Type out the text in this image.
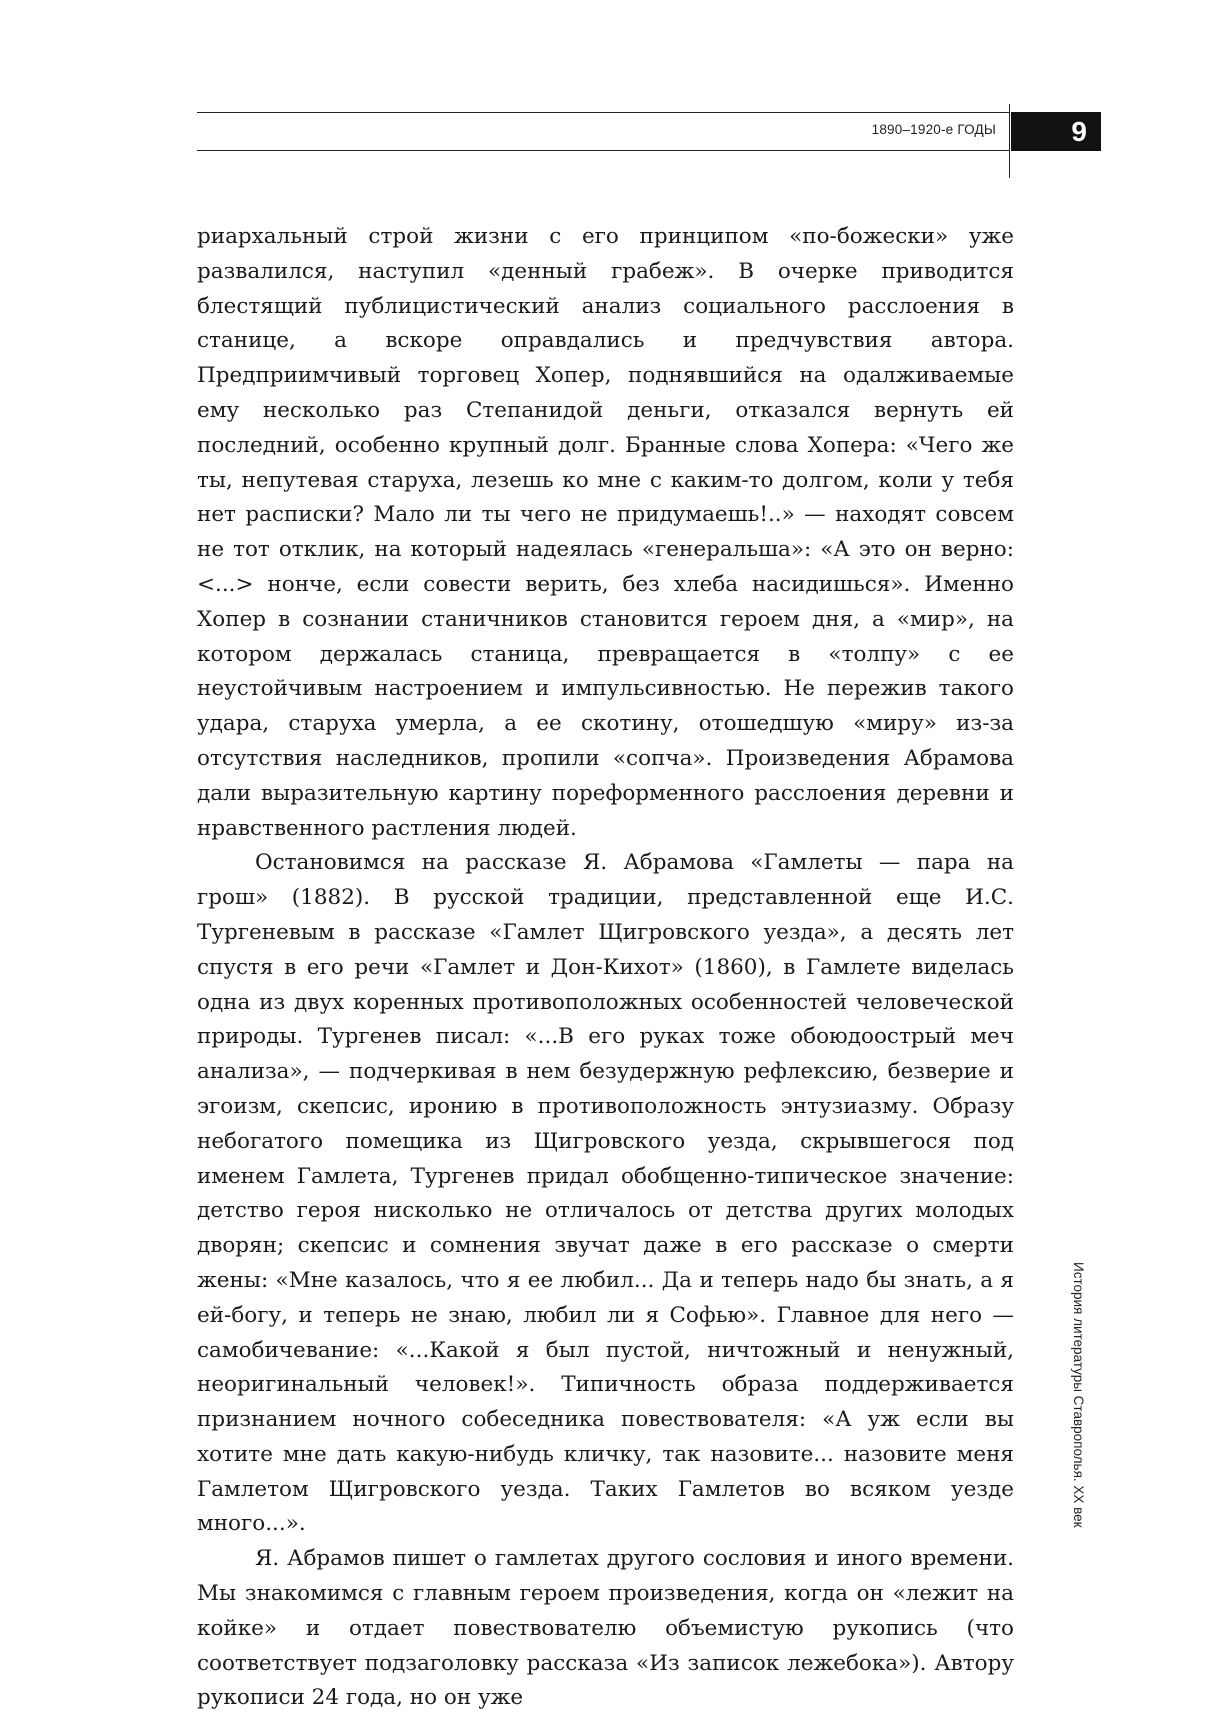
1890–1920-е ГОДЫ	9

риархальный строй жизни с его принципом «по-божески» уже развалился, наступил «денный грабеж». В очерке приводится блестящий публицистический анализ социального расслоения в станице, а вскоре оправдались и предчувствия автора. Предприимчивый торговец Хопер, поднявшийся на одалживаемые ему несколько раз Степанидой деньги, отказался вернуть ей последний, особенно крупный долг. Бранные слова Хопера: «Чего же ты, непутевая старуха, лезешь ко мне с каким-то долгом, коли у тебя нет расписки? Мало ли ты чего не придумаешь!..» — находят совсем не тот отклик, на который надеялась «генеральша»: «А это он верно: <...> нонче, если совести верить, без хлеба насидишься». Именно Хопер в сознании станичников становится героем дня, а «мир», на котором держалась станица, превращается в «толпу» с ее неустойчивым настроением и импульсивностью. Не пережив такого удара, старуха умерла, а ее скотину, отошедшую «миру» из-за отсутствия наследников, пропили «сопча». Произведения Абрамова дали выразительную картину пореформенного расслоения деревни и нравственного растления людей.

Остановимся на рассказе Я. Абрамова «Гамлеты — пара на грош» (1882). В русской традиции, представленной еще И.С. Тургеневым в рассказе «Гамлет Щигровского уезда», а десять лет спустя в его речи «Гамлет и Дон-Кихот» (1860), в Гамлете виделась одна из двух коренных противоположных особенностей человеческой природы. Тургенев писал: «...В его руках тоже обоюдоострый меч анализа», — подчеркивая в нем безудержную рефлексию, безверие и эгоизм, скепсис, иронию в противоположность энтузиазму. Образу небогатого помещика из Щигровского уезда, скрывшегося под именем Гамлета, Тургенев придал обобщенно-типическое значение: детство героя нисколько не отличалось от детства других молодых дворян; скепсис и сомнения звучат даже в его рассказе о смерти жены: «Мне казалось, что я ее любил... Да и теперь надо бы знать, а я ей-богу, и теперь не знаю, любил ли я Софью». Главное для него — самобичевание: «...Какой я был пустой, ничтожный и ненужный, неоригинальный человек!». Типичность образа поддерживается признанием ночного собеседника повествователя: «А уж если вы хотите мне дать какую-нибудь кличку, так назовите... назовите меня Гамлетом Щигровского уезда. Таких Гамлетов во всяком уезде много...».

Я. Абрамов пишет о гамлетах другого сословия и иного времени. Мы знакомимся с главным героем произведения, когда он «лежит на койке» и отдает повествователю объемистую рукопись (что соответствует подзаголовку рассказа «Из записок лежебока»). Автору рукописи 24 года, но он уже

История литературы Ставрополья. XX век
